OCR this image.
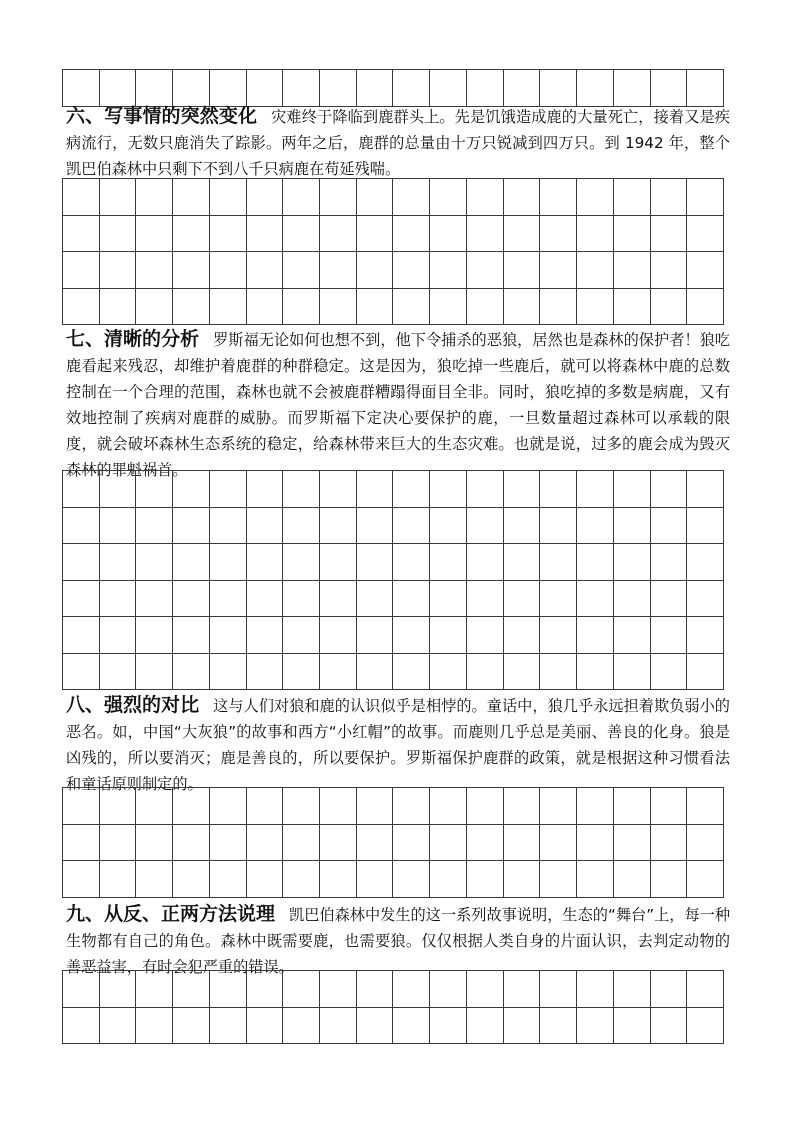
六、写事情的突然变化 灾难终于降临到鹿群头上。先是饥饿造成鹿的大量死亡，接着又是疾病流行，无数只鹿消失了踪影。两年之后，鹿群的总量由十万只锐减到四万只。到 1942 年，整个凯巴伯森林中只剩下不到八千只病鹿在苟延残喘。
七、清晰的分析 罗斯福无论如何也想不到，他下令捕杀的恶狼，居然也是森林的保护者！狼吃鹿看起来残忍，却维护着鹿群的种群稳定。这是因为，狼吃掉一些鹿后，就可以将森林中鹿的总数控制在一个合理的范围，森林也就不会被鹿群糟蹋得面目全非。同时，狼吃掉的多数是病鹿，又有效地控制了疾病对鹿群的威胁。而罗斯福下定决心要保护的鹿，一旦数量超过森林可以承载的限度，就会破坏森林生态系统的稳定，给森林带来巨大的生态灾难。也就是说，过多的鹿会成为毁灭森林的罪魁祸首。
八、强烈的对比 这与人们对狼和鹿的认识似乎是相悖的。童话中，狼几乎永远担着欺负弱小的恶名。如，中国“大灰狼”的故事和西方“小红帽”的故事。而鹿则几乎总是美丽、善良的化身。狼是凶残的，所以要消灭；鹿是善良的，所以要保护。罗斯福保护鹿群的政策，就是根据这种习惯看法和童话原则制定的。
九、从反、正两方法说理 凯巴伯森林中发生的这一系列故事说明，生态的“舞台”上，每一种生物都有自己的角色。森林中既需要鹿，也需要狼。仅仅根据人类自身的片面认识，去判定动物的善恶益害，有时会犯严重的错误。
